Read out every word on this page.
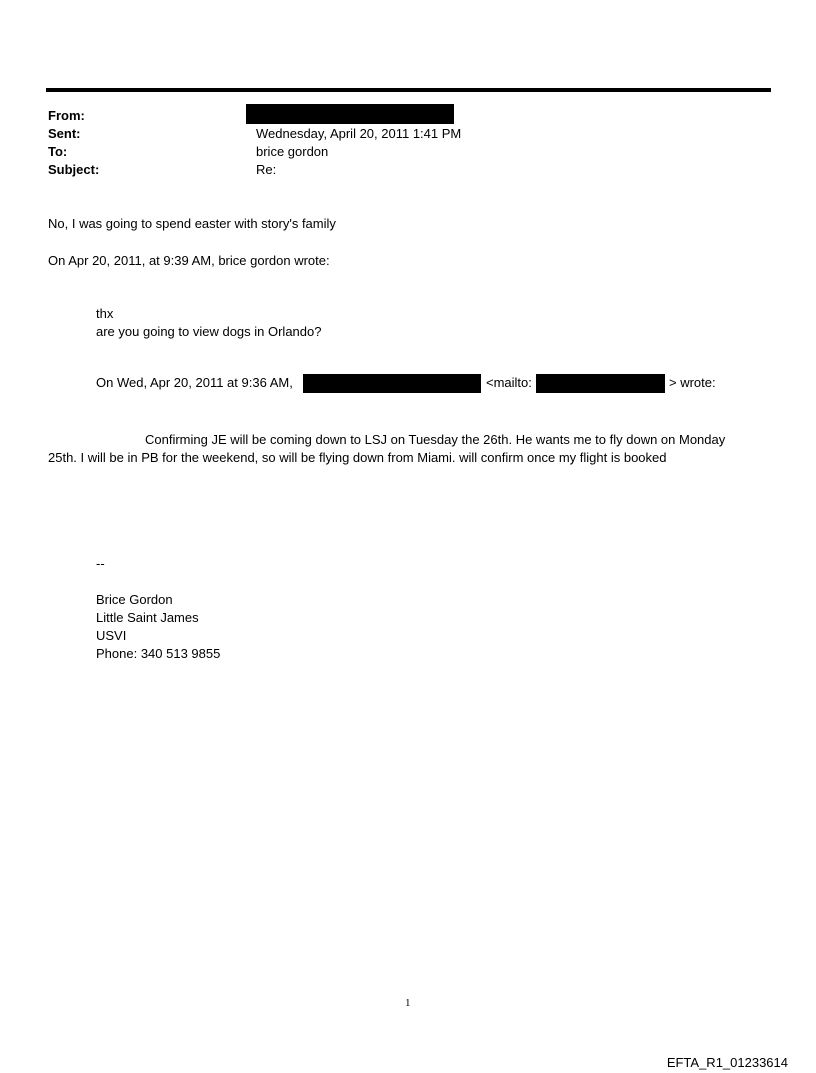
From:
Sent:	Wednesday, April 20, 2011 1:41 PM
To:	brice gordon
Subject:	Re:
No, I was going to spend easter with story's family
On Apr 20, 2011, at 9:39 AM, brice gordon wrote:
thx
are you going to view dogs in Orlando?
On Wed, Apr 20, 2011 at 9:36 AM,	<mailto:	> wrote:
Confirming JE will be coming down to LSJ on Tuesday the 26th. He wants me to fly down on Monday
25th. I will be in PB for the weekend, so will be flying down from Miami. will confirm once my flight is booked
--
Brice Gordon
Little Saint James
USVI
Phone: 340 513 9855
1
EFTA_R1_01233614
